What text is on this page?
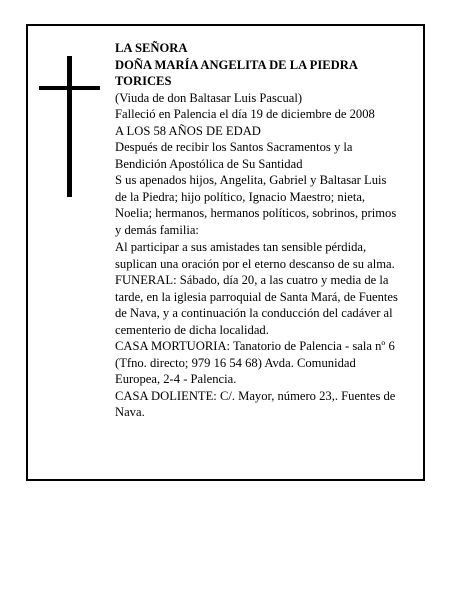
LA SEÑORA
DOÑA MARÍA ANGELITA DE LA PIEDRA
TORICES
(Viuda de don Baltasar Luis Pascual)
Falleció en Palencia el día 19 de diciembre de 2008
A LOS 58 AÑOS DE EDAD
Después de recibir los Santos Sacramentos y la
Bendición Apostólica de Su Santidad
S us apenados hijos, Angelita, Gabriel y Baltasar Luis
de la Piedra; hijo político, Ignacio Maestro; nieta,
Noelia; hermanos, hermanos políticos, sobrinos, primos
y demás familia:
Al participar a sus amistades tan sensible pérdida,
suplican una oración por el eterno descanso de su alma.
FUNERAL: Sábado, día 20, a las cuatro y media de la
tarde, en la iglesia parroquial de Santa Mará, de Fuentes
de Nava, y a continuación la conducción del cadáver al
cementerio de dicha localidad.
CASA MORTUORIA: Tanatorio de Palencia - sala nº 6
(Tfno. directo; 979 16 54 68) Avda. Comunidad
Europea, 2-4 - Palencia.
CASA DOLIENTE: C/. Mayor, número 23,. Fuentes de
Nava.
